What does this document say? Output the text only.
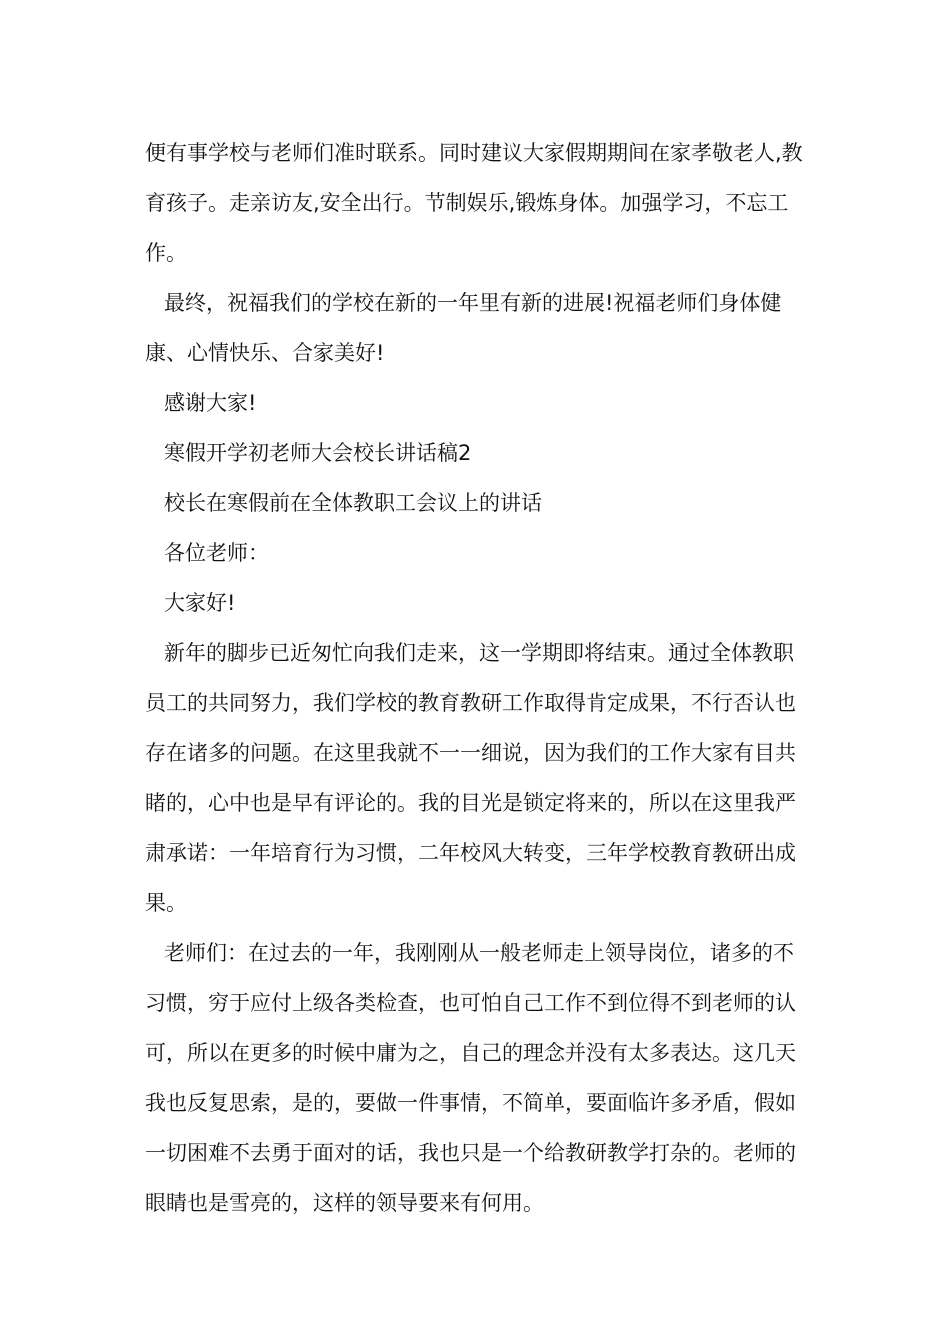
便有事学校与老师们准时联系。同时建议大家假期期间在家孝敬老人,教育孩子。走亲访友,安全出行。节制娱乐,锻炼身体。加强学习，不忘工作。

最终，祝福我们的学校在新的一年里有新的进展!祝福老师们身体健康、心情快乐、合家美好!

感谢大家!

寒假开学初老师大会校长讲话稿2

校长在寒假前在全体教职工会议上的讲话

各位老师：

大家好!

新年的脚步已近匆忙向我们走来，这一学期即将结束。通过全体教职员工的共同努力，我们学校的教育教研工作取得肯定成果，不行否认也存在诸多的问题。在这里我就不一一细说，因为我们的工作大家有目共睹的，心中也是早有评论的。我的目光是锁定将来的，所以在这里我严肃承诺：一年培育行为习惯，二年校风大转变，三年学校教育教研出成果。

老师们：在过去的一年，我刚刚从一般老师走上领导岗位，诸多的不习惯，穷于应付上级各类检查，也可怕自己工作不到位得不到老师的认可，所以在更多的时候中庸为之，自己的理念并没有太多表达。这几天我也反复思索，是的，要做一件事情，不简单，要面临许多矛盾，假如一切困难不去勇于面对的话，我也只是一个给教研教学打杂的。老师的眼睛也是雪亮的，这样的领导要来有何用。
